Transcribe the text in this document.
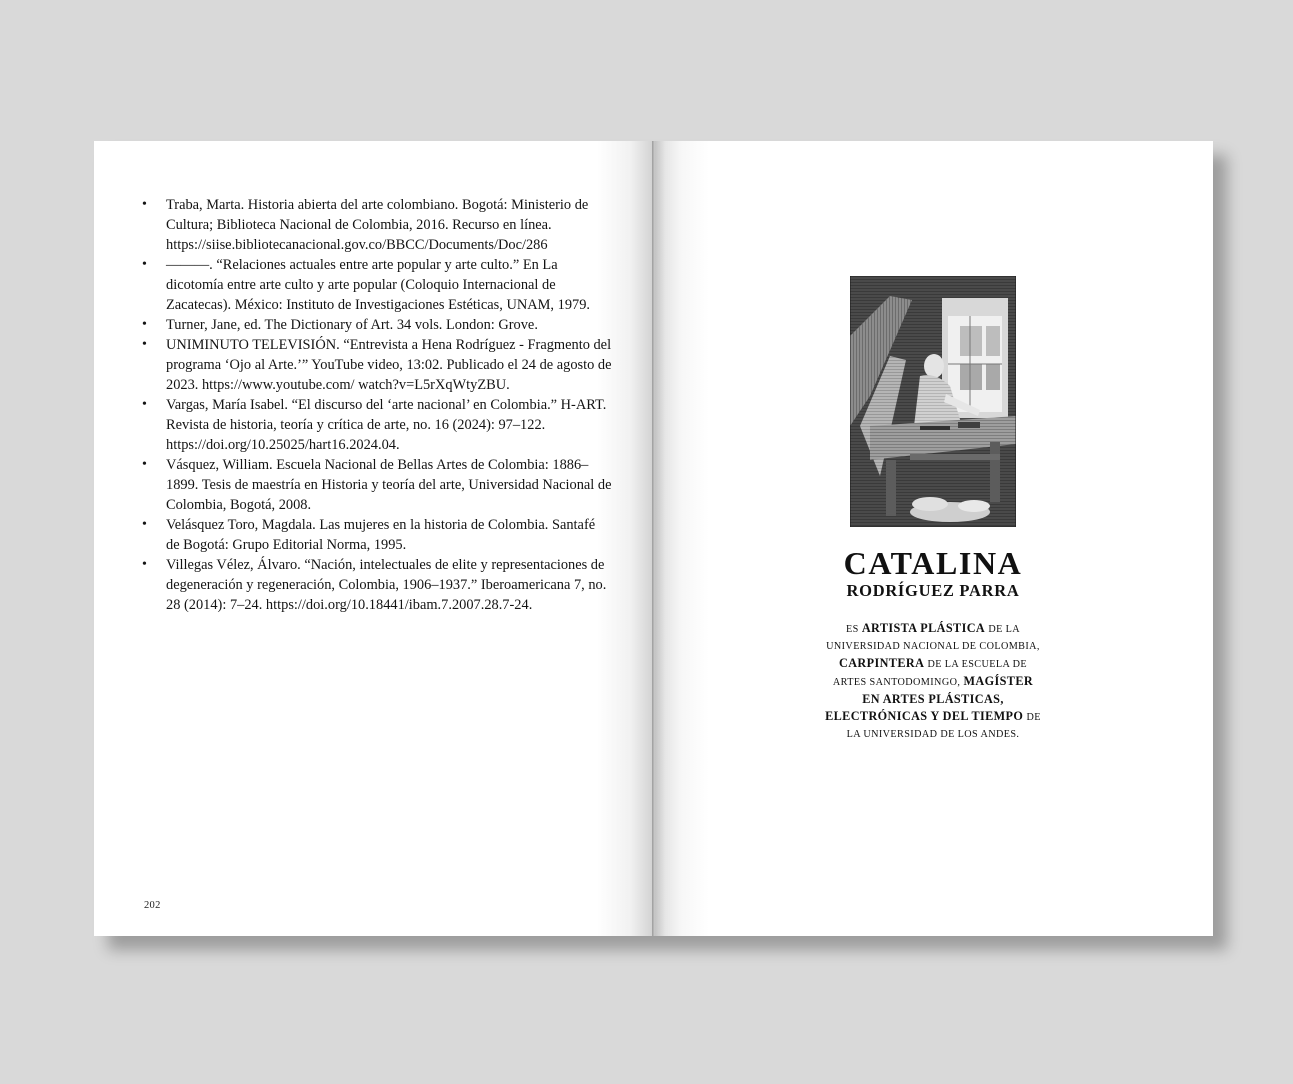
• Traba, Marta. Historia abierta del arte colombiano. Bogotá: Ministerio de Cultura; Biblioteca Nacional de Colombia, 2016. Recurso en línea. https://siise.bibliotecanacional.gov.co/BBCC/Documents/Doc/286
• ———. “Relaciones actuales entre arte popular y arte culto.” En La dicotomía entre arte culto y arte popular (Coloquio Internacional de Zacatecas). México: Instituto de Investigaciones Estéticas, UNAM, 1979.
• Turner, Jane, ed. The Dictionary of Art. 34 vols. London: Grove.
• UNIMINUTO TELEVISIÓN. “Entrevista a Hena Rodríguez - Fragmento del programa ‘Ojo al Arte.’” YouTube video, 13:02. Publicado el 24 de agosto de 2023. https://www.youtube.com/ watch?v=L5rXqWtyZBU.
• Vargas, María Isabel. “El discurso del ‘arte nacional’ en Colombia.” H-ART. Revista de historia, teoría y crítica de arte, no. 16 (2024): 97–122. https://doi.org/10.25025/hart16.2024.04.
• Vásquez, William. Escuela Nacional de Bellas Artes de Colombia: 1886–1899. Tesis de maestría en Historia y teoría del arte, Universidad Nacional de Colombia, Bogotá, 2008.
• Velásquez Toro, Magdala. Las mujeres en la historia de Colombia. Santafé de Bogotá: Grupo Editorial Norma, 1995.
• Villegas Vélez, Álvaro. “Nación, intelectuales de elite y representaciones de degeneración y regeneración, Colombia, 1906–1937.” Iberoamericana 7, no. 28 (2014): 7–24. https://doi.org/10.18441/ibam.7.2007.28.7-24.
202
CATALINA
RODRÍGUEZ PARRA
ES ARTISTA PLÁSTICA DE LA UNIVERSIDAD NACIONAL DE COLOMBIA, CARPINTERA DE LA ESCUELA DE ARTES SANTODOMINGO, MAGÍSTER EN ARTES PLÁSTICAS, ELECTRÓNICAS Y DEL TIEMPO DE LA UNIVERSIDAD DE LOS ANDES.
